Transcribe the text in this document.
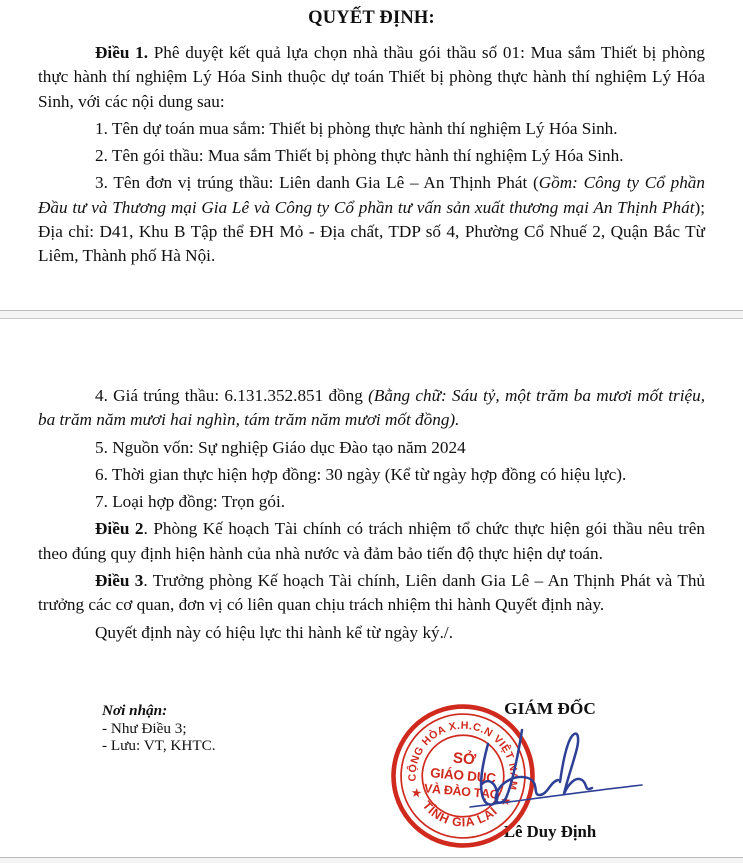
QUYẾT ĐỊNH:

Điều 1. Phê duyệt kết quả lựa chọn nhà thầu gói thầu số 01: Mua sắm Thiết bị phòng thực hành thí nghiệm Lý Hóa Sinh thuộc dự toán Thiết bị phòng thực hành thí nghiệm Lý Hóa Sinh, với các nội dung sau:

1. Tên dự toán mua sắm: Thiết bị phòng thực hành thí nghiệm Lý Hóa Sinh.

2. Tên gói thầu: Mua sắm Thiết bị phòng thực hành thí nghiệm Lý Hóa Sinh.

3. Tên đơn vị trúng thầu: Liên danh Gia Lê – An Thịnh Phát (Gồm: Công ty Cổ phần Đầu tư và Thương mại Gia Lê và Công ty Cổ phần tư vấn sản xuất thương mại An Thịnh Phát); Địa chỉ: D41, Khu B Tập thể ĐH Mỏ - Địa chất, TDP số 4, Phường Cổ Nhuế 2, Quận Bắc Từ Liêm, Thành phố Hà Nội.

4. Giá trúng thầu: 6.131.352.851 đồng (Bằng chữ: Sáu tỷ, một trăm ba mươi mốt triệu, ba trăm năm mươi hai nghìn, tám trăm năm mươi mốt đồng).

5. Nguồn vốn: Sự nghiệp Giáo dục Đào tạo năm 2024

6. Thời gian thực hiện hợp đồng: 30 ngày (Kể từ ngày hợp đồng có hiệu lực).

7. Loại hợp đồng: Trọn gói.

Điều 2. Phòng Kế hoạch Tài chính có trách nhiệm tổ chức thực hiện gói thầu nêu trên theo đúng quy định hiện hành của nhà nước và đảm bảo tiến độ thực hiện dự toán.

Điều 3. Trưởng phòng Kế hoạch Tài chính, Liên danh Gia Lê – An Thịnh Phát và Thủ trưởng các cơ quan, đơn vị có liên quan chịu trách nhiệm thi hành Quyết định này.

Quyết định này có hiệu lực thi hành kể từ ngày ký./.

Nơi nhận:
- Như Điều 3;
- Lưu: VT, KHTC.
GIÁM ĐỐC
Lê Duy Định
CỘNG HÒA X.H.C.N VIỆT NAM
TỈNH GIA LAI
★
★
SỞ
GIÁO DỤC
VÀ ĐÀO TẠO
